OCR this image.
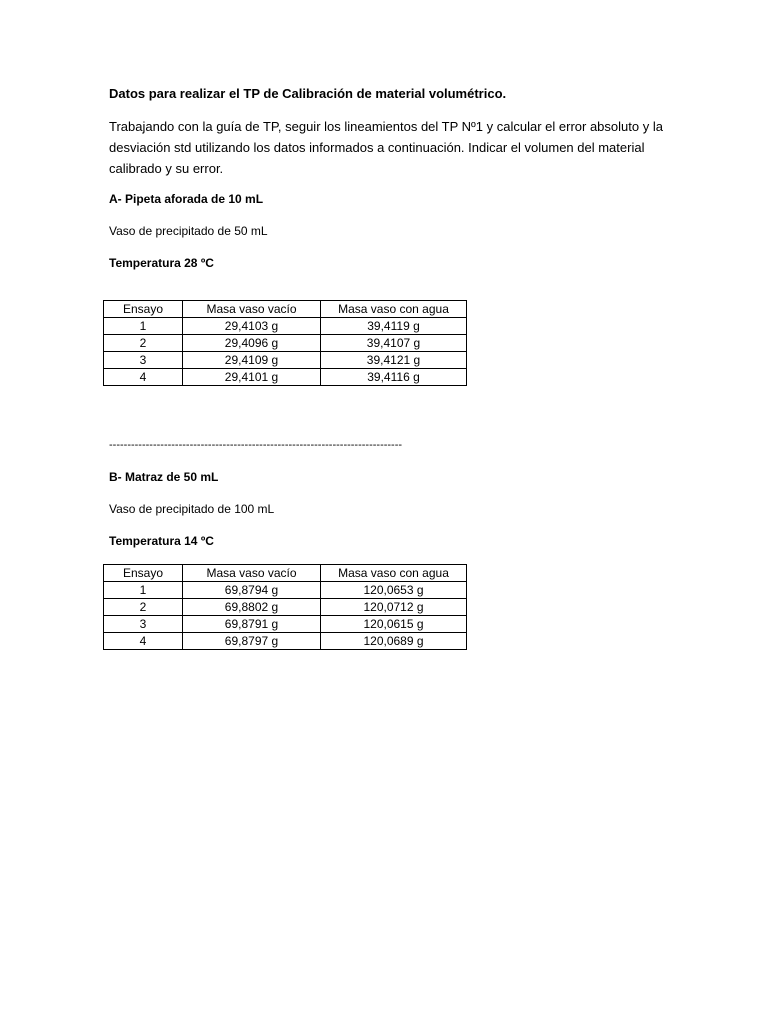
Datos para realizar el TP de Calibración de material volumétrico.
Trabajando con la guía de TP, seguir los lineamientos del TP Nº1 y calcular el error absoluto y la desviación std utilizando los datos informados a continuación. Indicar el volumen del material calibrado y su error.
A- Pipeta aforada de 10 mL
Vaso de precipitado de 50 mL
Temperatura 28 ºC
Ensayo	Masa vaso vacío	Masa vaso con agua
1	29,4103 g	39,4119 g
2	29,4096 g	39,4107 g
3	29,4109 g	39,4121 g
4	29,4101 g	39,4116 g
--------------------------------------------------------------------------------
B- Matraz de 50 mL
Vaso de precipitado de 100 mL
Temperatura 14 ºC
Ensayo	Masa vaso vacío	Masa vaso con agua
1	69,8794 g	120,0653 g
2	69,8802 g	120,0712 g
3	69,8791 g	120,0615 g
4	69,8797 g	120,0689 g
